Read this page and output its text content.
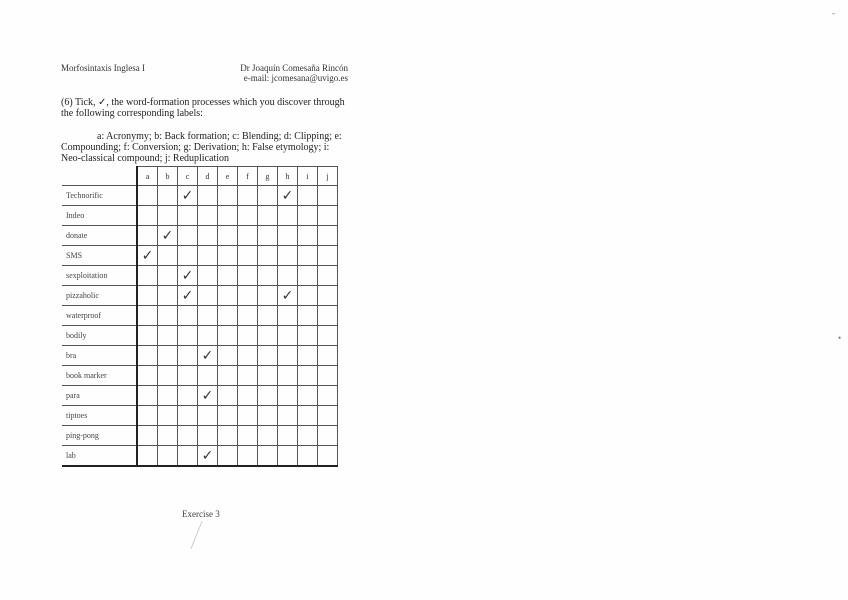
Morfosintaxis Inglesa I	Dr Joaquín Comesaña Rincón
e-mail: jcomesana@uvigo.es
(6) Tick, ✓, the word-formation processes which you discover through
the following corresponding labels:
a: Acronymy; b: Back formation; c: Blending; d: Clipping; e:
Compounding; f: Conversion; g: Derivation; h: False etymology; i:
Neo-classical compound; j: Reduplication
	a	b	c	d	e	f	g	h	i	j
Technorific			✓					✓		
Indeo										
donate		✓								
SMS	✓									
sexploitation			✓							
pizzaholic			✓					✓		
waterproof										
bodily										
bra				✓						
book marker										
para				✓						
tiptoes										
ping-pong										
lab				✓						
Exercise 3
-
•
